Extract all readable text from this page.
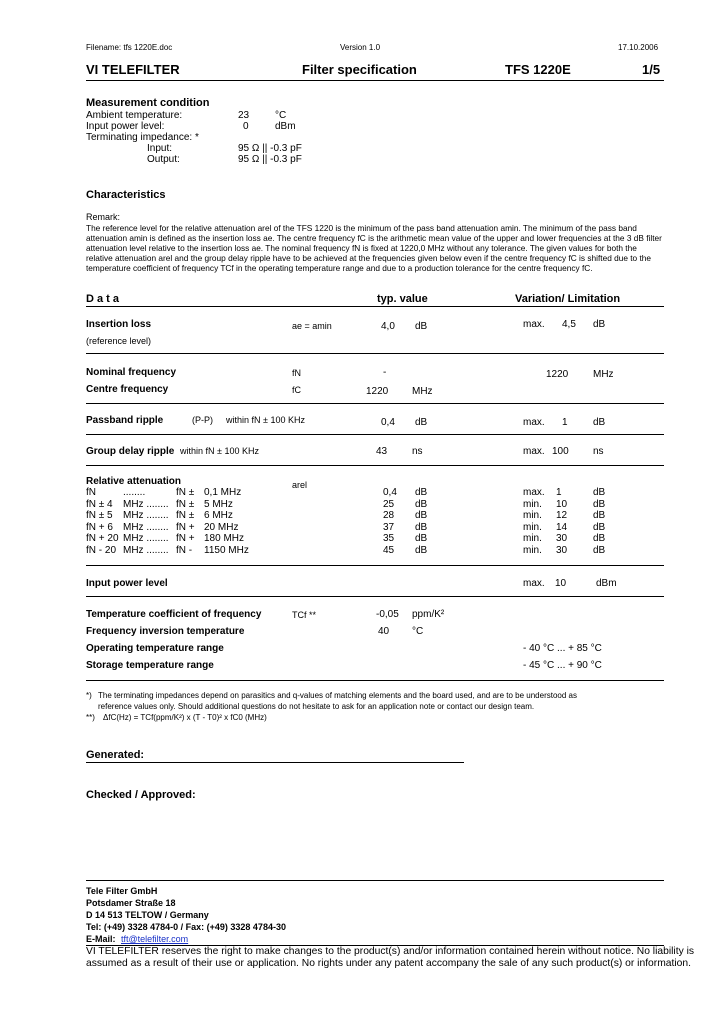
Filename: tfs 1220E.doc	Version 1.0	17.10.2006
VI TELEFILTER	Filter specification	TFS 1220E	1/5
Measurement condition
Ambient temperature:	23	°C
Input power level:	0	dBm
Terminating impedance: *
Input:	95 Ω || -0.3 pF
Output:	95 Ω || -0.3 pF
Characteristics
Remark:
The reference level for the relative attenuation arel of the TFS 1220 is the minimum of the pass band attenuation amin. The minimum of the pass band
attenuation amin is defined as the insertion loss ae. The centre frequency fC is the arithmetic mean value of the upper and lower frequencies at the 3 dB filter
attenuation level relative to the insertion loss ae. The nominal frequency fN is fixed at 1220,0 MHz without any tolerance. The given values for both the
relative attenuation arel and the group delay ripple have to be achieved at the frequencies given below even if the centre frequency fC is shifted due to the
temperature coefficient of frequency TCf in the operating temperature range and due to a production tolerance for the centre frequency fC.
D a t a	typ. value	Variation/ Limitation
Insertion loss	ae = amin	4,0 dB	max. 4,5 dB
(reference level)
Nominal frequency	fN	-	1220 MHz
Centre frequency	fC	1220 MHz
Passband ripple	(P-P) within fN ± 100 KHz	0,4 dB	max. 1	dB
Group delay ripple within fN ± 100 KHz	43 ns	max. 100 ns
Relative attenuation	arel
fN	........	fN ± 0,1 MHz	0,4 dB	max. 1	dB
fN ± 4 MHz ........ fN ± 5 MHz	25 dB	min. 10	dB
fN ± 5 MHz ........ fN ± 6 MHz	28 dB	min. 12	dB
fN + 6 MHz ........ fN + 20 MHz	37 dB	min. 14	dB
fN + 20 MHz ........ fN + 180 MHz	35 dB	min. 30	dB
fN - 20 MHz ........ fN - 1150 MHz	45 dB	min. 30	dB
Input power level	max. 10	dBm
Temperature coefficient of frequency	TCf **	-0,05 ppm/K²
Frequency inversion temperature	40 °C
Operating temperature range	- 40 °C ... + 85 °C
Storage temperature range	- 45 °C ... + 90 °C
*) The terminating impedances depend on parasitics and q-values of matching elements and the board used, and are to be understood as
reference values only. Should additional questions do not hesitate to ask for an application note or contact our design team.
**) ΔfC(Hz) = TCf(ppm/K²) x (T - T0)² x fC0 (MHz)
Generated:
Checked / Approved:
Tele Filter GmbH
Potsdamer Straße 18
D 14 513 TELTOW / Germany
Tel: (+49) 3328 4784-0 / Fax: (+49) 3328 4784-30
E-Mail: tft@telefilter.com
VI TELEFILTER reserves the right to make changes to the product(s) and/or information contained herein without notice. No liability is
assumed as a result of their use or application. No rights under any patent accompany the sale of any such product(s) or information.
